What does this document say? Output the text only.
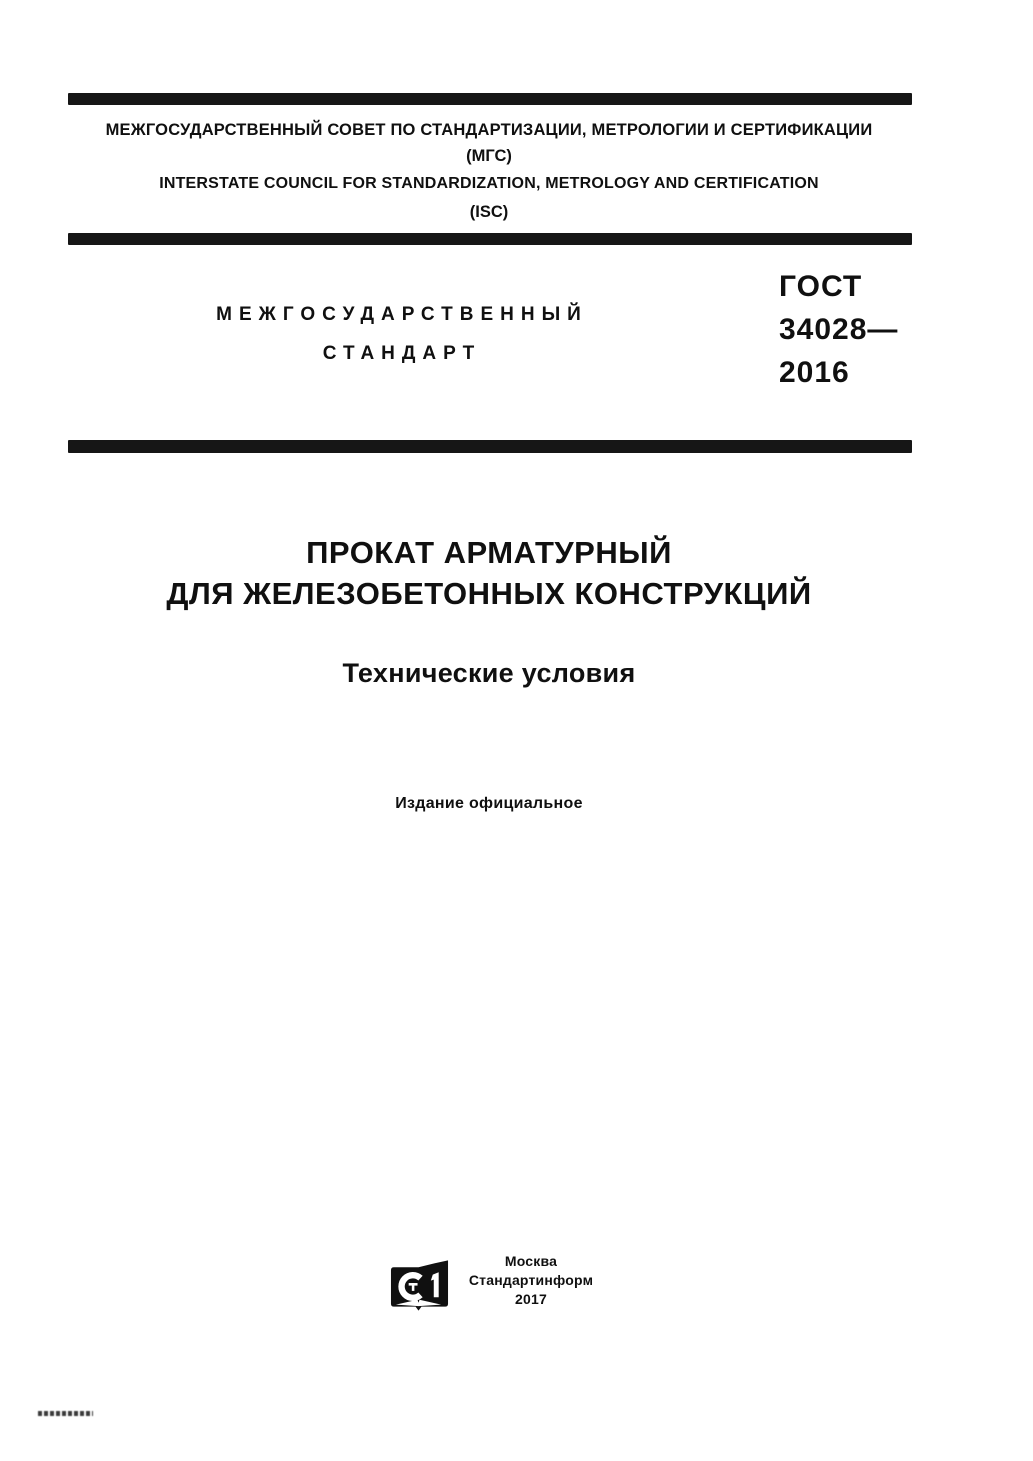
МЕЖГОСУДАРСТВЕННЫЙ СОВЕТ ПО СТАНДАРТИЗАЦИИ, МЕТРОЛОГИИ И СЕРТИФИКАЦИИ
(МГС)
INTERSTATE COUNCIL FOR STANDARDIZATION, METROLOGY AND CERTIFICATION
(ISC)
МЕЖГОСУДАРСТВЕННЫЙ
СТАНДАРТ
ГОСТ
34028—
2016
ПРОКАТ АРМАТУРНЫЙ
ДЛЯ ЖЕЛЕЗОБЕТОННЫХ КОНСТРУКЦИЙ
Технические условия
Издание официальное
Москва
Стандартинформ
2017
